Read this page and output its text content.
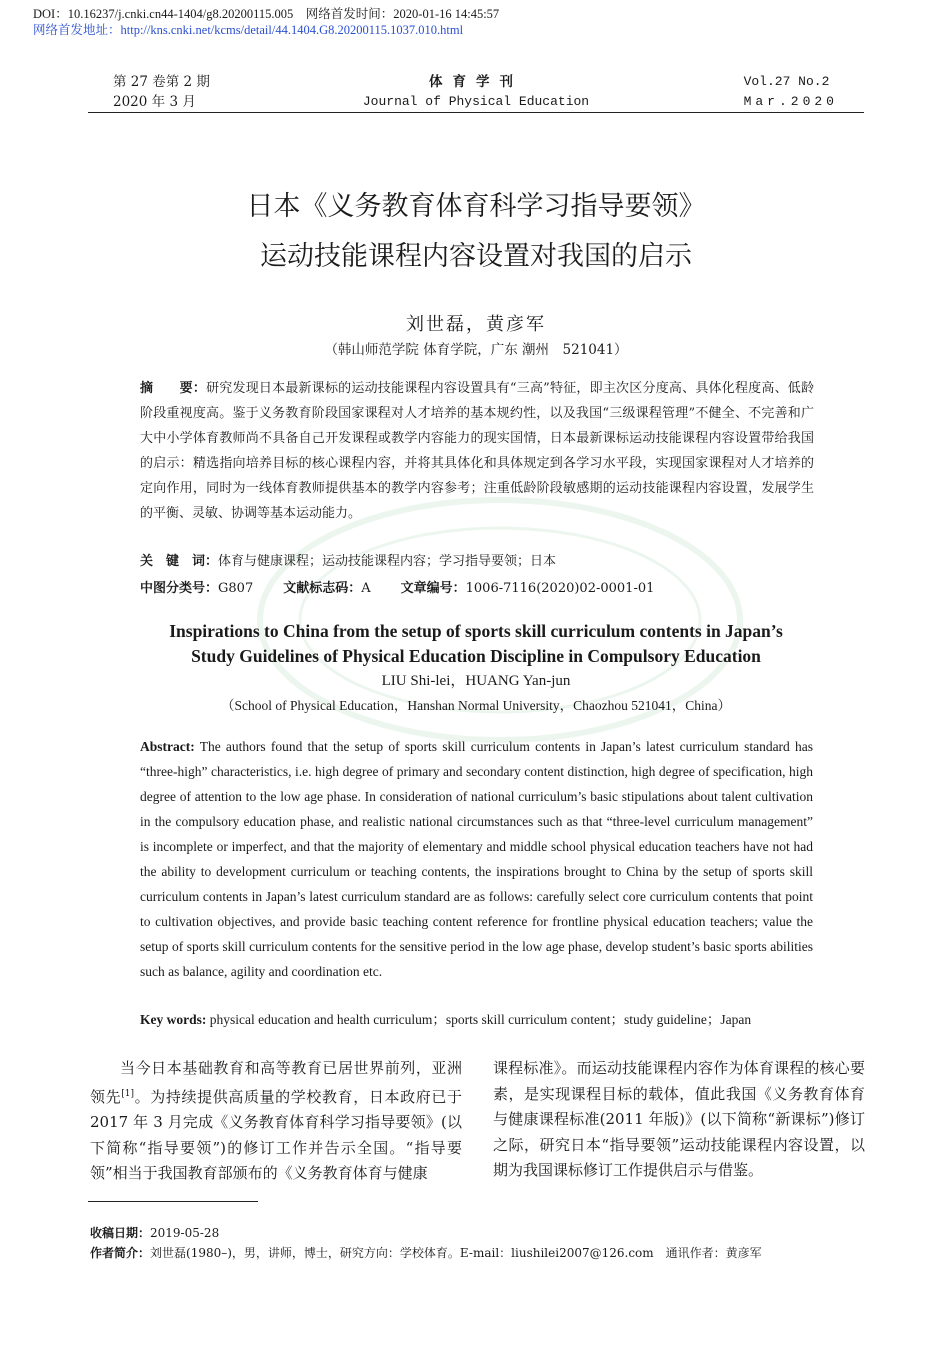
DOI：10.16237/j.cnki.cn44-1404/g8.20200115.005　网络首发时间：2020-01-16 14:45:57
网络首发地址：http://kns.cnki.net/kcms/detail/44.1404.G8.20200115.1037.010.html
第 27 卷第 2 期
2020 年 3 月
体育学刊
Journal of Physical Education
Vol.27 No.2
Mar.2020
日本《义务教育体育科学习指导要领》
运动技能课程内容设置对我国的启示
刘世磊，黄彦军
（韩山师范学院 体育学院，广东 潮州　521041）
摘　　要：研究发现日本最新课标的运动技能课程内容设置具有“三高”特征，即主次区分度高、具体化程度高、低龄阶段重视度高。鉴于义务教育阶段国家课程对人才培养的基本规约性，以及我国“三级课程管理”不健全、不完善和广大中小学体育教师尚不具备自己开发课程或教学内容能力的现实国情，日本最新课标运动技能课程内容设置带给我国的启示：精选指向培养目标的核心课程内容，并将其具体化和具体规定到各学习水平段，实现国家课程对人才培养的定向作用，同时为一线体育教师提供基本的教学内容参考；注重低龄阶段敏感期的运动技能课程内容设置，发展学生的平衡、灵敏、协调等基本运动能力。
关　键　词：体育与健康课程；运动技能课程内容；学习指导要领；日本
中图分类号：G807 文献标志码：A 文章编号：1006-7116(2020)02-0001-01
Inspirations to China from the setup of sports skill curriculum contents in Japan’s
Study Guidelines of Physical Education Discipline in Compulsory Education
LIU Shi-lei，HUANG Yan-jun
（School of Physical Education，Hanshan Normal University，Chaozhou 521041，China）
Abstract: The authors found that the setup of sports skill curriculum contents in Japan’s latest curriculum standard has “three-high” characteristics, i.e. high degree of primary and secondary content distinction, high degree of specification, high degree of attention to the low age phase. In consideration of national curriculum’s basic stipulations about talent cultivation in the compulsory education phase, and realistic national circumstances such as that “three-level curriculum management” is incomplete or imperfect, and that the majority of elementary and middle school physical education teachers have not had the ability to development curriculum or teaching contents, the inspirations brought to China by the setup of sports skill curriculum contents in Japan’s latest curriculum standard are as follows: carefully select core curriculum contents that point to cultivation objectives, and provide basic teaching content reference for frontline physical education teachers; value the setup of sports skill curriculum contents for the sensitive period in the low age phase, develop student’s basic sports abilities such as balance, agility and coordination etc.
Key words: physical education and health curriculum；sports skill curriculum content；study guideline；Japan
当今日本基础教育和高等教育已居世界前列，亚洲领先[1]。为持续提供高质量的学校教育，日本政府已于 2017 年 3 月完成《义务教育体育科学习指导要领》(以下简称“指导要领”)的修订工作并告示全国。“指导要领”相当于我国教育部颁布的《义务教育体育与健康
课程标准》。而运动技能课程内容作为体育课程的核心要素，是实现课程目标的载体，值此我国《义务教育体育与健康课程标准(2011 年版)》(以下简称“新课标”)修订之际，研究日本“指导要领”运动技能课程内容设置，以期为我国课标修订工作提供启示与借鉴。
收稿日期：2019-05-28
作者简介：刘世磊(1980–)，男，讲师，博士，研究方向：学校体育。E-mail：liushilei2007@126.com　通讯作者：黄彦军
